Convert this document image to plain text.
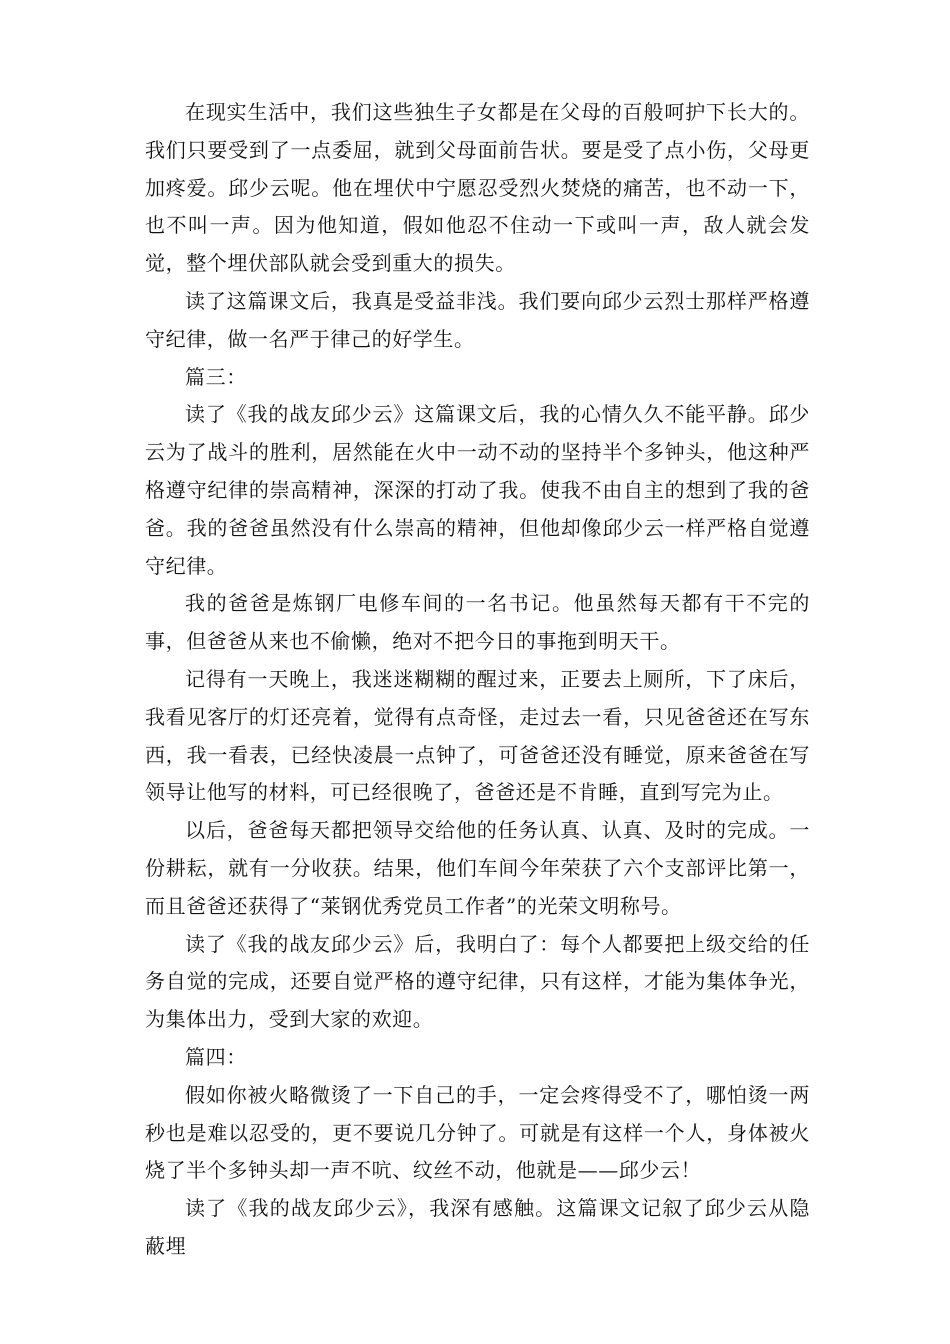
在现实生活中，我们这些独生子女都是在父母的百般呵护下长大的。我们只要受到了一点委屈，就到父母面前告状。要是受了点小伤，父母更加疼爱。邱少云呢。他在埋伏中宁愿忍受烈火焚烧的痛苦，也不动一下，也不叫一声。因为他知道，假如他忍不住动一下或叫一声，敌人就会发觉，整个埋伏部队就会受到重大的损失。

读了这篇课文后，我真是受益非浅。我们要向邱少云烈士那样严格遵守纪律，做一名严于律己的好学生。

篇三：

读了《我的战友邱少云》这篇课文后，我的心情久久不能平静。邱少云为了战斗的胜利，居然能在火中一动不动的坚持半个多钟头，他这种严格遵守纪律的崇高精神，深深的打动了我。使我不由自主的想到了我的爸爸。我的爸爸虽然没有什么崇高的精神，但他却像邱少云一样严格自觉遵守纪律。

我的爸爸是炼钢厂电修车间的一名书记。他虽然每天都有干不完的事，但爸爸从来也不偷懒，绝对不把今日的事拖到明天干。

记得有一天晚上，我迷迷糊糊的醒过来，正要去上厕所，下了床后，我看见客厅的灯还亮着，觉得有点奇怪，走过去一看，只见爸爸还在写东西，我一看表，已经快凌晨一点钟了，可爸爸还没有睡觉，原来爸爸在写领导让他写的材料，可已经很晚了，爸爸还是不肯睡，直到写完为止。

以后，爸爸每天都把领导交给他的任务认真、认真、及时的完成。一份耕耘，就有一分收获。结果，他们车间今年荣获了六个支部评比第一，而且爸爸还获得了“莱钢优秀党员工作者”的光荣文明称号。

读了《我的战友邱少云》后，我明白了：每个人都要把上级交给的任务自觉的完成，还要自觉严格的遵守纪律，只有这样，才能为集体争光，为集体出力，受到大家的欢迎。

篇四：

假如你被火略微烫了一下自己的手，一定会疼得受不了，哪怕烫一两秒也是难以忍受的，更不要说几分钟了。可就是有这样一个人，身体被火烧了半个多钟头却一声不吭、纹丝不动，他就是——邱少云！

读了《我的战友邱少云》，我深有感触。这篇课文记叙了邱少云从隐蔽埋
